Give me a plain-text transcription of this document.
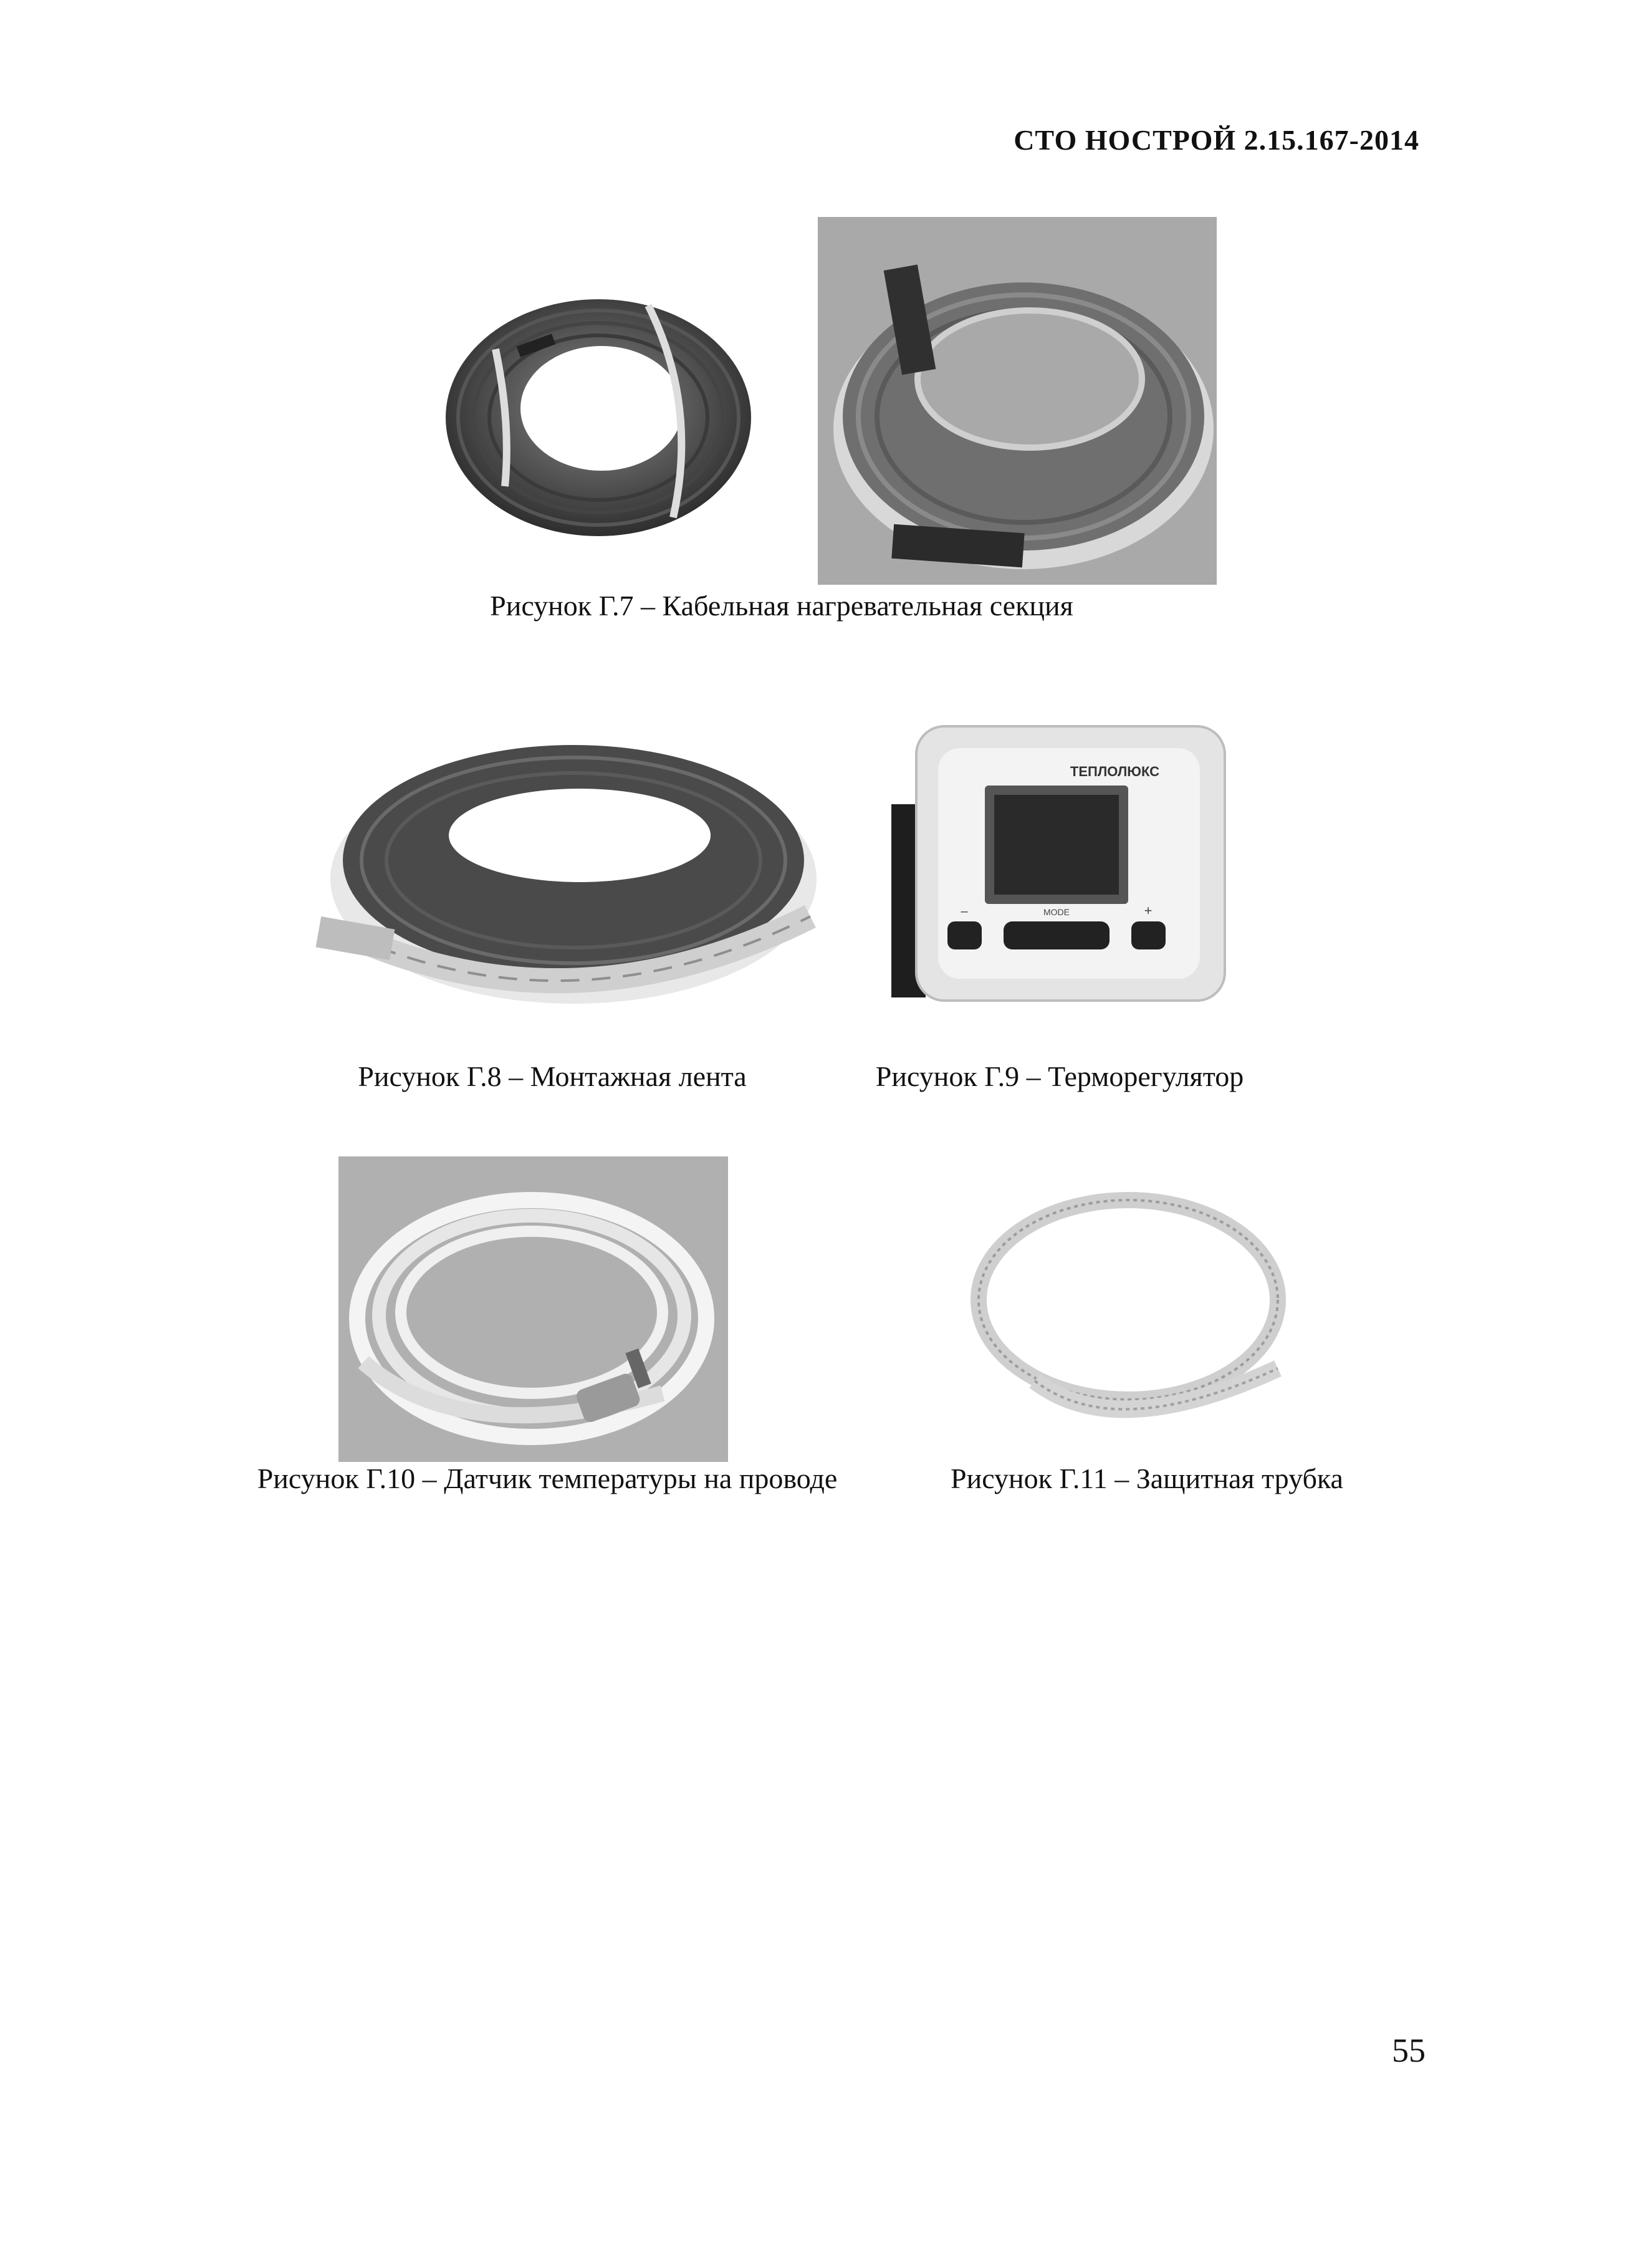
СТО НОСТРОЙ 2.15.167-2014
Рисунок Г.7 – Кабельная нагревательная секция
Рисунок Г.8 – Монтажная лента
ТЕПЛОЛЮКС
–	MODE	+
Рисунок Г.9 – Терморегулятор
Рисунок Г.10 – Датчик температуры на проводе	Рисунок Г.11 – Защитная трубка
55
